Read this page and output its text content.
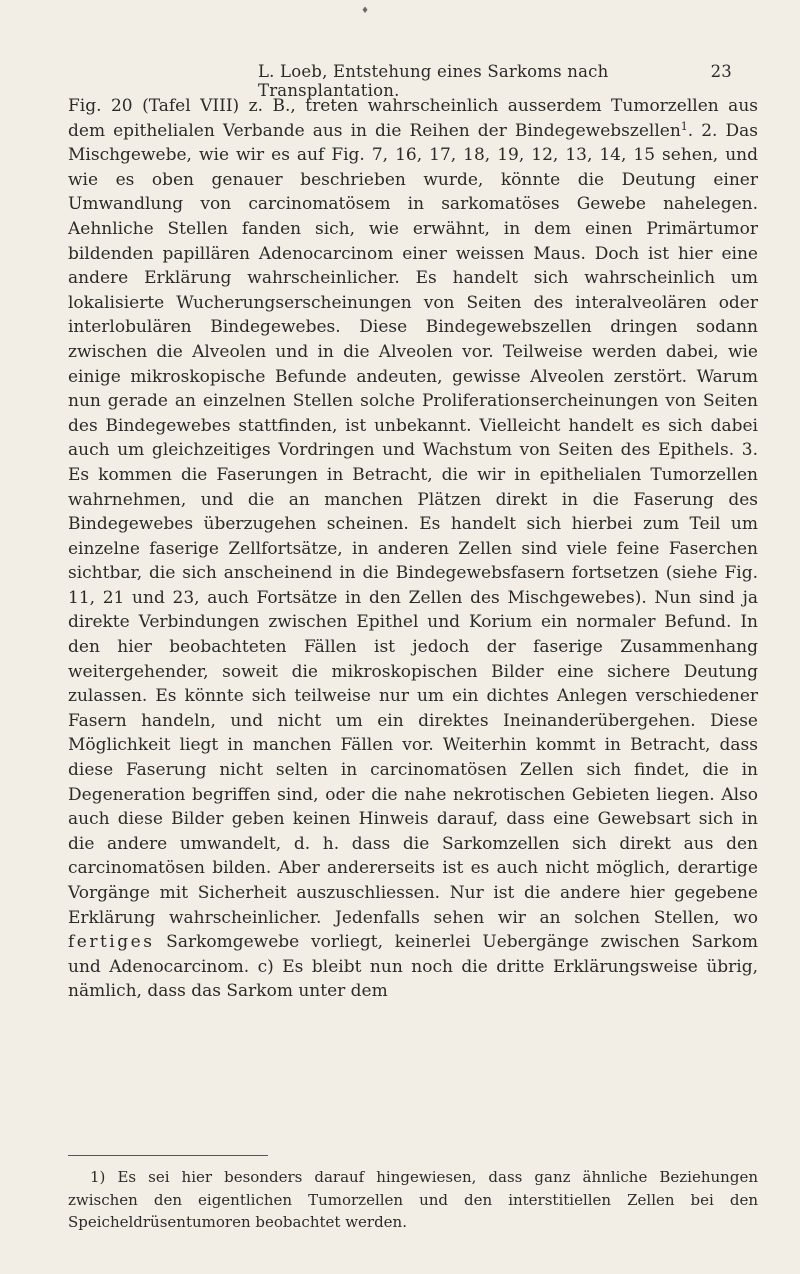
♦
L. Loeb, Entstehung eines Sarkoms nach Transplantation.
23

Fig. 20 (Tafel VIII) z. B., treten wahrscheinlich ausserdem Tumorzellen aus dem epithelialen Verbande aus in die Reihen der Bindegewebszellen$^1$. 2. Das Mischgewebe, wie wir es auf Fig. 7, 16, 17, 18, 19, 12, 13, 14, 15 sehen, und wie es oben genauer beschrieben wurde, könnte die Deutung einer Umwandlung von carcinomatösem in sarkomatöses Gewebe nahelegen. Aehnliche Stellen fanden sich, wie erwähnt, in dem einen Primärtumor bildenden papillären Adenocarcinom einer weissen Maus. Doch ist hier eine andere Erklärung wahrscheinlicher. Es handelt sich wahrscheinlich um lokalisierte Wucherungserscheinungen von Seiten des interalveolären oder interlobulären Bindegewebes. Diese Bindegewebszellen dringen sodann zwischen die Alveolen und in die Alveolen vor. Teilweise werden dabei, wie einige mikroskopische Befunde andeuten, gewisse Alveolen zerstört. Warum nun gerade an einzelnen Stellen solche Proliferationsercheinungen von Seiten des Bindegewebes stattfinden, ist unbekannt. Vielleicht handelt es sich dabei auch um gleichzeitiges Vordringen und Wachstum von Seiten des Epithels. 3. Es kommen die Faserungen in Betracht, die wir in epithelialen Tumorzellen wahrnehmen, und die an manchen Plätzen direkt in die Faserung des Bindegewebes überzugehen scheinen. Es handelt sich hierbei zum Teil um einzelne faserige Zellfortsätze, in anderen Zellen sind viele feine Faserchen sichtbar, die sich anscheinend in die Bindegewebsfasern fortsetzen (siehe Fig. 11, 21 und 23, auch Fortsätze in den Zellen des Mischgewebes). Nun sind ja direkte Verbindungen zwischen Epithel und Korium ein normaler Befund. In den hier beobachteten Fällen ist jedoch der faserige Zusammenhang weitergehender, soweit die mikroskopischen Bilder eine sichere Deutung zulassen. Es könnte sich teilweise nur um ein dichtes Anlegen verschiedener Fasern handeln, und nicht um ein direktes Ineinanderübergehen. Diese Möglichkeit liegt in manchen Fällen vor. Weiterhin kommt in Betracht, dass diese Faserung nicht selten in carcinomatösen Zellen sich findet, die in Degeneration begriffen sind, oder die nahe nekrotischen Gebieten liegen. Also auch diese Bilder geben keinen Hinweis darauf, dass eine Gewebsart sich in die andere umwandelt, d. h. dass die Sarkomzellen sich direkt aus den carcinomatösen bilden. Aber andererseits ist es auch nicht möglich, derartige Vorgänge mit Sicherheit auszuschliessen. Nur ist die andere hier gegebene Erklärung wahrscheinlicher. Jedenfalls sehen wir an solchen Stellen, wo fertiges Sarkomgewebe vorliegt, keinerlei Uebergänge zwischen Sarkom und Adenocarcinom. c) Es bleibt nun noch die dritte Erklärungsweise übrig, nämlich, dass das Sarkom unter dem

1) Es sei hier besonders darauf hingewiesen, dass ganz ähnliche Beziehungen zwischen den eigentlichen Tumorzellen und den interstitiellen Zellen bei den Speicheldrüsentumoren beobachtet werden.
